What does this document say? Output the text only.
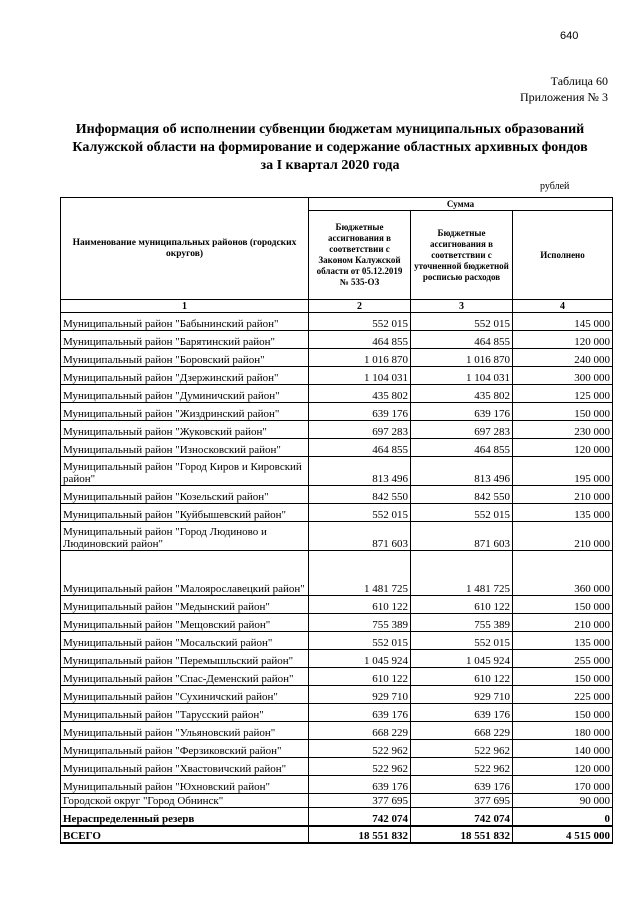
640
Таблица 60
Приложения № 3
Информация об исполнении субвенции бюджетам муниципальных образований
Калужской области на формирование и содержание областных архивных фондов
за I квартал 2020 года
рублей
Наименование муниципальных районов (городских округов)	Сумма		
	Бюджетные ассигнования в соответствии с Законом Калужской области от 05.12.2019 № 535-ОЗ	Бюджетные ассигнования в соответствии с уточненной бюджетной росписью расходов	Исполнено
1	2	3	4
Муниципальный район "Бабынинский район"	552 015	552 015	145 000
Муниципальный район "Барятинский район"	464 855	464 855	120 000
Муниципальный район "Боровский район"	1 016 870	1 016 870	240 000
Муниципальный район "Дзержинский район"	1 104 031	1 104 031	300 000
Муниципальный район "Думиничский район"	435 802	435 802	125 000
Муниципальный район "Жиздринский район"	639 176	639 176	150 000
Муниципальный район "Жуковский район"	697 283	697 283	230 000
Муниципальный район "Износковский район"	464 855	464 855	120 000
Муниципальный район "Город Киров и Кировский район"	813 496	813 496	195 000
Муниципальный район "Козельский район"	842 550	842 550	210 000
Муниципальный район "Куйбышевский район"	552 015	552 015	135 000
Муниципальный район "Город Людиново и Людиновский район"	871 603	871 603	210 000
Муниципальный район "Малоярославецкий район"	1 481 725	1 481 725	360 000
Муниципальный район "Медынский район"	610 122	610 122	150 000
Муниципальный район "Мещовский район"	755 389	755 389	210 000
Муниципальный район "Мосальский район"	552 015	552 015	135 000
Муниципальный район "Перемышльский район"	1 045 924	1 045 924	255 000
Муниципальный район "Спас-Деменский район"	610 122	610 122	150 000
Муниципальный район "Сухиничский район"	929 710	929 710	225 000
Муниципальный район "Тарусский район"	639 176	639 176	150 000
Муниципальный район "Ульяновский район"	668 229	668 229	180 000
Муниципальный район "Ферзиковский район"	522 962	522 962	140 000
Муниципальный район "Хвастовичский район"	522 962	522 962	120 000
Муниципальный район "Юхновский район"	639 176	639 176	170 000
Городской округ "Город Обнинск"	377 695	377 695	90 000
Нераспределенный резерв	742 074	742 074	0
ВСЕГО	18 551 832	18 551 832	4 515 000
